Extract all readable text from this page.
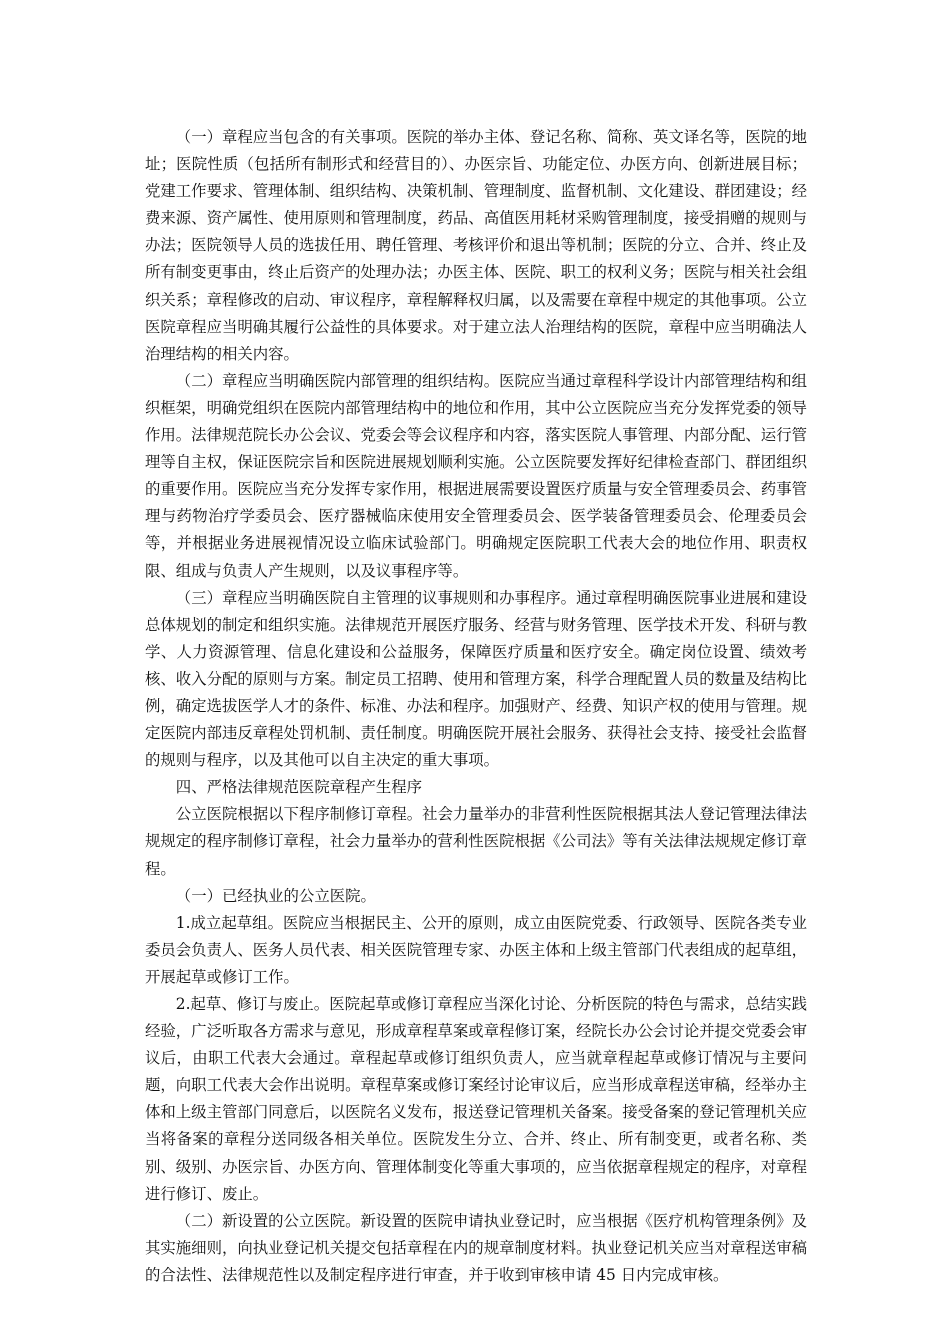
（一）章程应当包含的有关事项。医院的举办主体、登记名称、简称、英文译名等，医院的地址；医院性质（包括所有制形式和经营目的）、办医宗旨、功能定位、办医方向、创新进展目标；党建工作要求、管理体制、组织结构、决策机制、管理制度、监督机制、文化建设、群团建设；经费来源、资产属性、使用原则和管理制度，药品、高值医用耗材采购管理制度，接受捐赠的规则与办法；医院领导人员的选拔任用、聘任管理、考核评价和退出等机制；医院的分立、合并、终止及所有制变更事由，终止后资产的处理办法；办医主体、医院、职工的权利义务；医院与相关社会组织关系；章程修改的启动、审议程序，章程解释权归属，以及需要在章程中规定的其他事项。公立医院章程应当明确其履行公益性的具体要求。对于建立法人治理结构的医院，章程中应当明确法人治理结构的相关内容。

（二）章程应当明确医院内部管理的组织结构。医院应当通过章程科学设计内部管理结构和组织框架，明确党组织在医院内部管理结构中的地位和作用，其中公立医院应当充分发挥党委的领导作用。法律规范院长办公会议、党委会等会议程序和内容，落实医院人事管理、内部分配、运行管理等自主权，保证医院宗旨和医院进展规划顺利实施。公立医院要发挥好纪律检查部门、群团组织的重要作用。医院应当充分发挥专家作用，根据进展需要设置医疗质量与安全管理委员会、药事管理与药物治疗学委员会、医疗器械临床使用安全管理委员会、医学装备管理委员会、伦理委员会等，并根据业务进展视情况设立临床试验部门。明确规定医院职工代表大会的地位作用、职责权限、组成与负责人产生规则，以及议事程序等。

（三）章程应当明确医院自主管理的议事规则和办事程序。通过章程明确医院事业进展和建设总体规划的制定和组织实施。法律规范开展医疗服务、经营与财务管理、医学技术开发、科研与教学、人力资源管理、信息化建设和公益服务，保障医疗质量和医疗安全。确定岗位设置、绩效考核、收入分配的原则与方案。制定员工招聘、使用和管理方案，科学合理配置人员的数量及结构比例，确定选拔医学人才的条件、标准、办法和程序。加强财产、经费、知识产权的使用与管理。规定医院内部违反章程处罚机制、责任制度。明确医院开展社会服务、获得社会支持、接受社会监督的规则与程序，以及其他可以自主决定的重大事项。

四、严格法律规范医院章程产生程序

公立医院根据以下程序制修订章程。社会力量举办的非营利性医院根据其法人登记管理法律法规规定的程序制修订章程，社会力量举办的营利性医院根据《公司法》等有关法律法规规定修订章程。

（一）已经执业的公立医院。

1.成立起草组。医院应当根据民主、公开的原则，成立由医院党委、行政领导、医院各类专业委员会负责人、医务人员代表、相关医院管理专家、办医主体和上级主管部门代表组成的起草组，开展起草或修订工作。

2.起草、修订与废止。医院起草或修订章程应当深化讨论、分析医院的特色与需求，总结实践经验，广泛听取各方需求与意见，形成章程草案或章程修订案，经院长办公会讨论并提交党委会审议后，由职工代表大会通过。章程起草或修订组织负责人，应当就章程起草或修订情况与主要问题，向职工代表大会作出说明。章程草案或修订案经讨论审议后，应当形成章程送审稿，经举办主体和上级主管部门同意后，以医院名义发布，报送登记管理机关备案。接受备案的登记管理机关应当将备案的章程分送同级各相关单位。医院发生分立、合并、终止、所有制变更，或者名称、类别、级别、办医宗旨、办医方向、管理体制变化等重大事项的，应当依据章程规定的程序，对章程进行修订、废止。

（二）新设置的公立医院。新设置的医院申请执业登记时，应当根据《医疗机构管理条例》及其实施细则，向执业登记机关提交包括章程在内的规章制度材料。执业登记机关应当对章程送审稿的合法性、法律规范性以及制定程序进行审查，并于收到审核申请 45 日内完成审核。
